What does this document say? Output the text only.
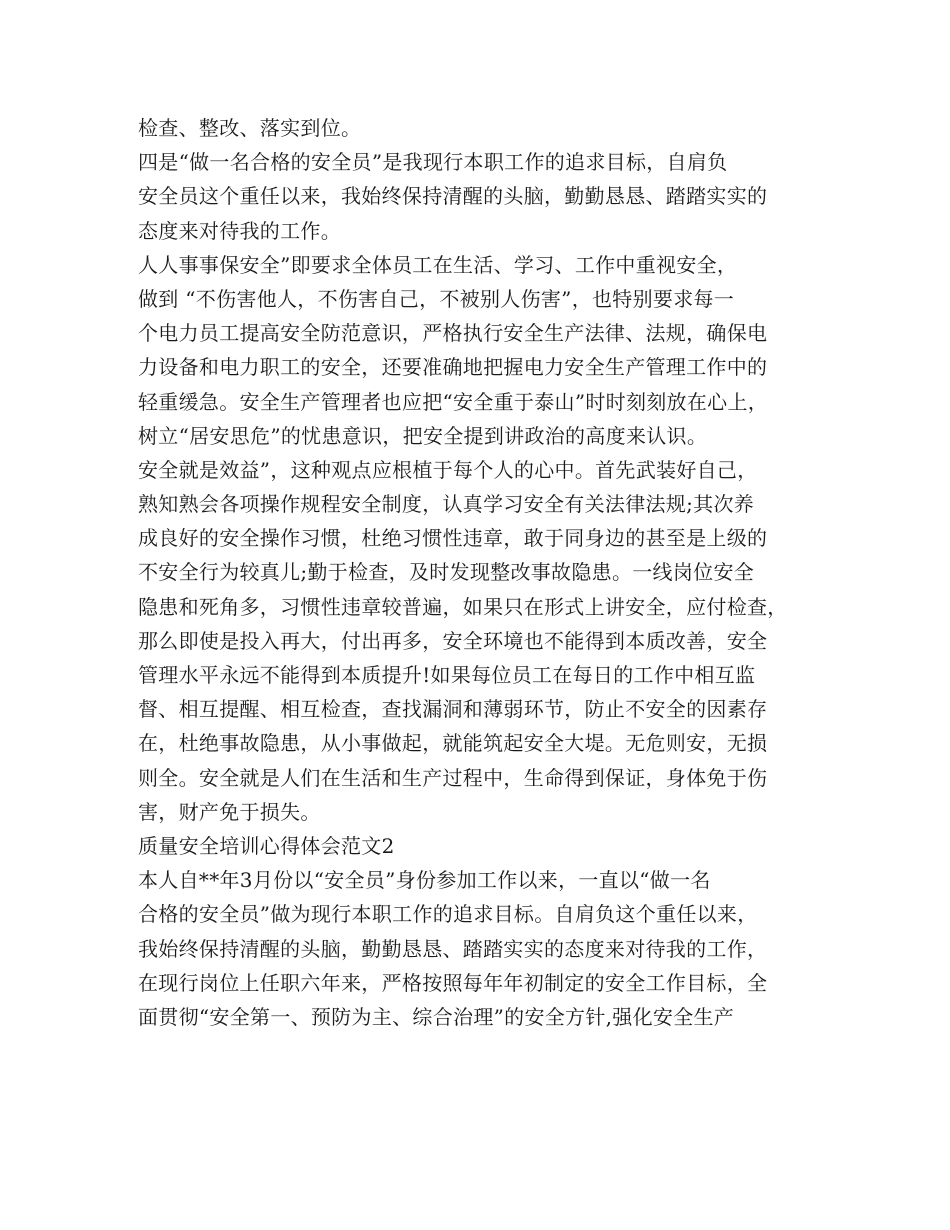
检查、整改、落实到位。
四是“做一名合格的安全员”是我现行本职工作的追求目标，自肩负
安全员这个重任以来，我始终保持清醒的头脑，勤勤恳恳、踏踏实实的
态度来对待我的工作。
人人事事保安全”即要求全体员工在生活、学习、工作中重视安全，
做到 “不伤害他人，不伤害自己，不被别人伤害”，也特别要求每一
个电力员工提高安全防范意识，严格执行安全生产法律、法规，确保电
力设备和电力职工的安全，还要准确地把握电力安全生产管理工作中的
轻重缓急。安全生产管理者也应把“安全重于泰山”时时刻刻放在心上，
树立“居安思危”的忧患意识，把安全提到讲政治的高度来认识。
安全就是效益”，这种观点应根植于每个人的心中。首先武装好自己，
熟知熟会各项操作规程安全制度，认真学习安全有关法律法规;其次养
成良好的安全操作习惯，杜绝习惯性违章，敢于同身边的甚至是上级的
不安全行为较真儿;勤于检查，及时发现整改事故隐患。一线岗位安全
隐患和死角多，习惯性违章较普遍，如果只在形式上讲安全，应付检查，
那么即使是投入再大，付出再多，安全环境也不能得到本质改善，安全
管理水平永远不能得到本质提升!如果每位员工在每日的工作中相互监
督、相互提醒、相互检查，查找漏洞和薄弱环节，防止不安全的因素存
在，杜绝事故隐患，从小事做起，就能筑起安全大堤。无危则安，无损
则全。安全就是人们在生活和生产过程中，生命得到保证，身体免于伤
害，财产免于损失。
质量安全培训心得体会范文2
本人自**年3月份以“安全员”身份参加工作以来，一直以“做一名
合格的安全员”做为现行本职工作的追求目标。自肩负这个重任以来，
我始终保持清醒的头脑，勤勤恳恳、踏踏实实的态度来对待我的工作，
在现行岗位上任职六年来，严格按照每年年初制定的安全工作目标，全
面贯彻“安全第一、预防为主、综合治理”的安全方针,强化安全生产
